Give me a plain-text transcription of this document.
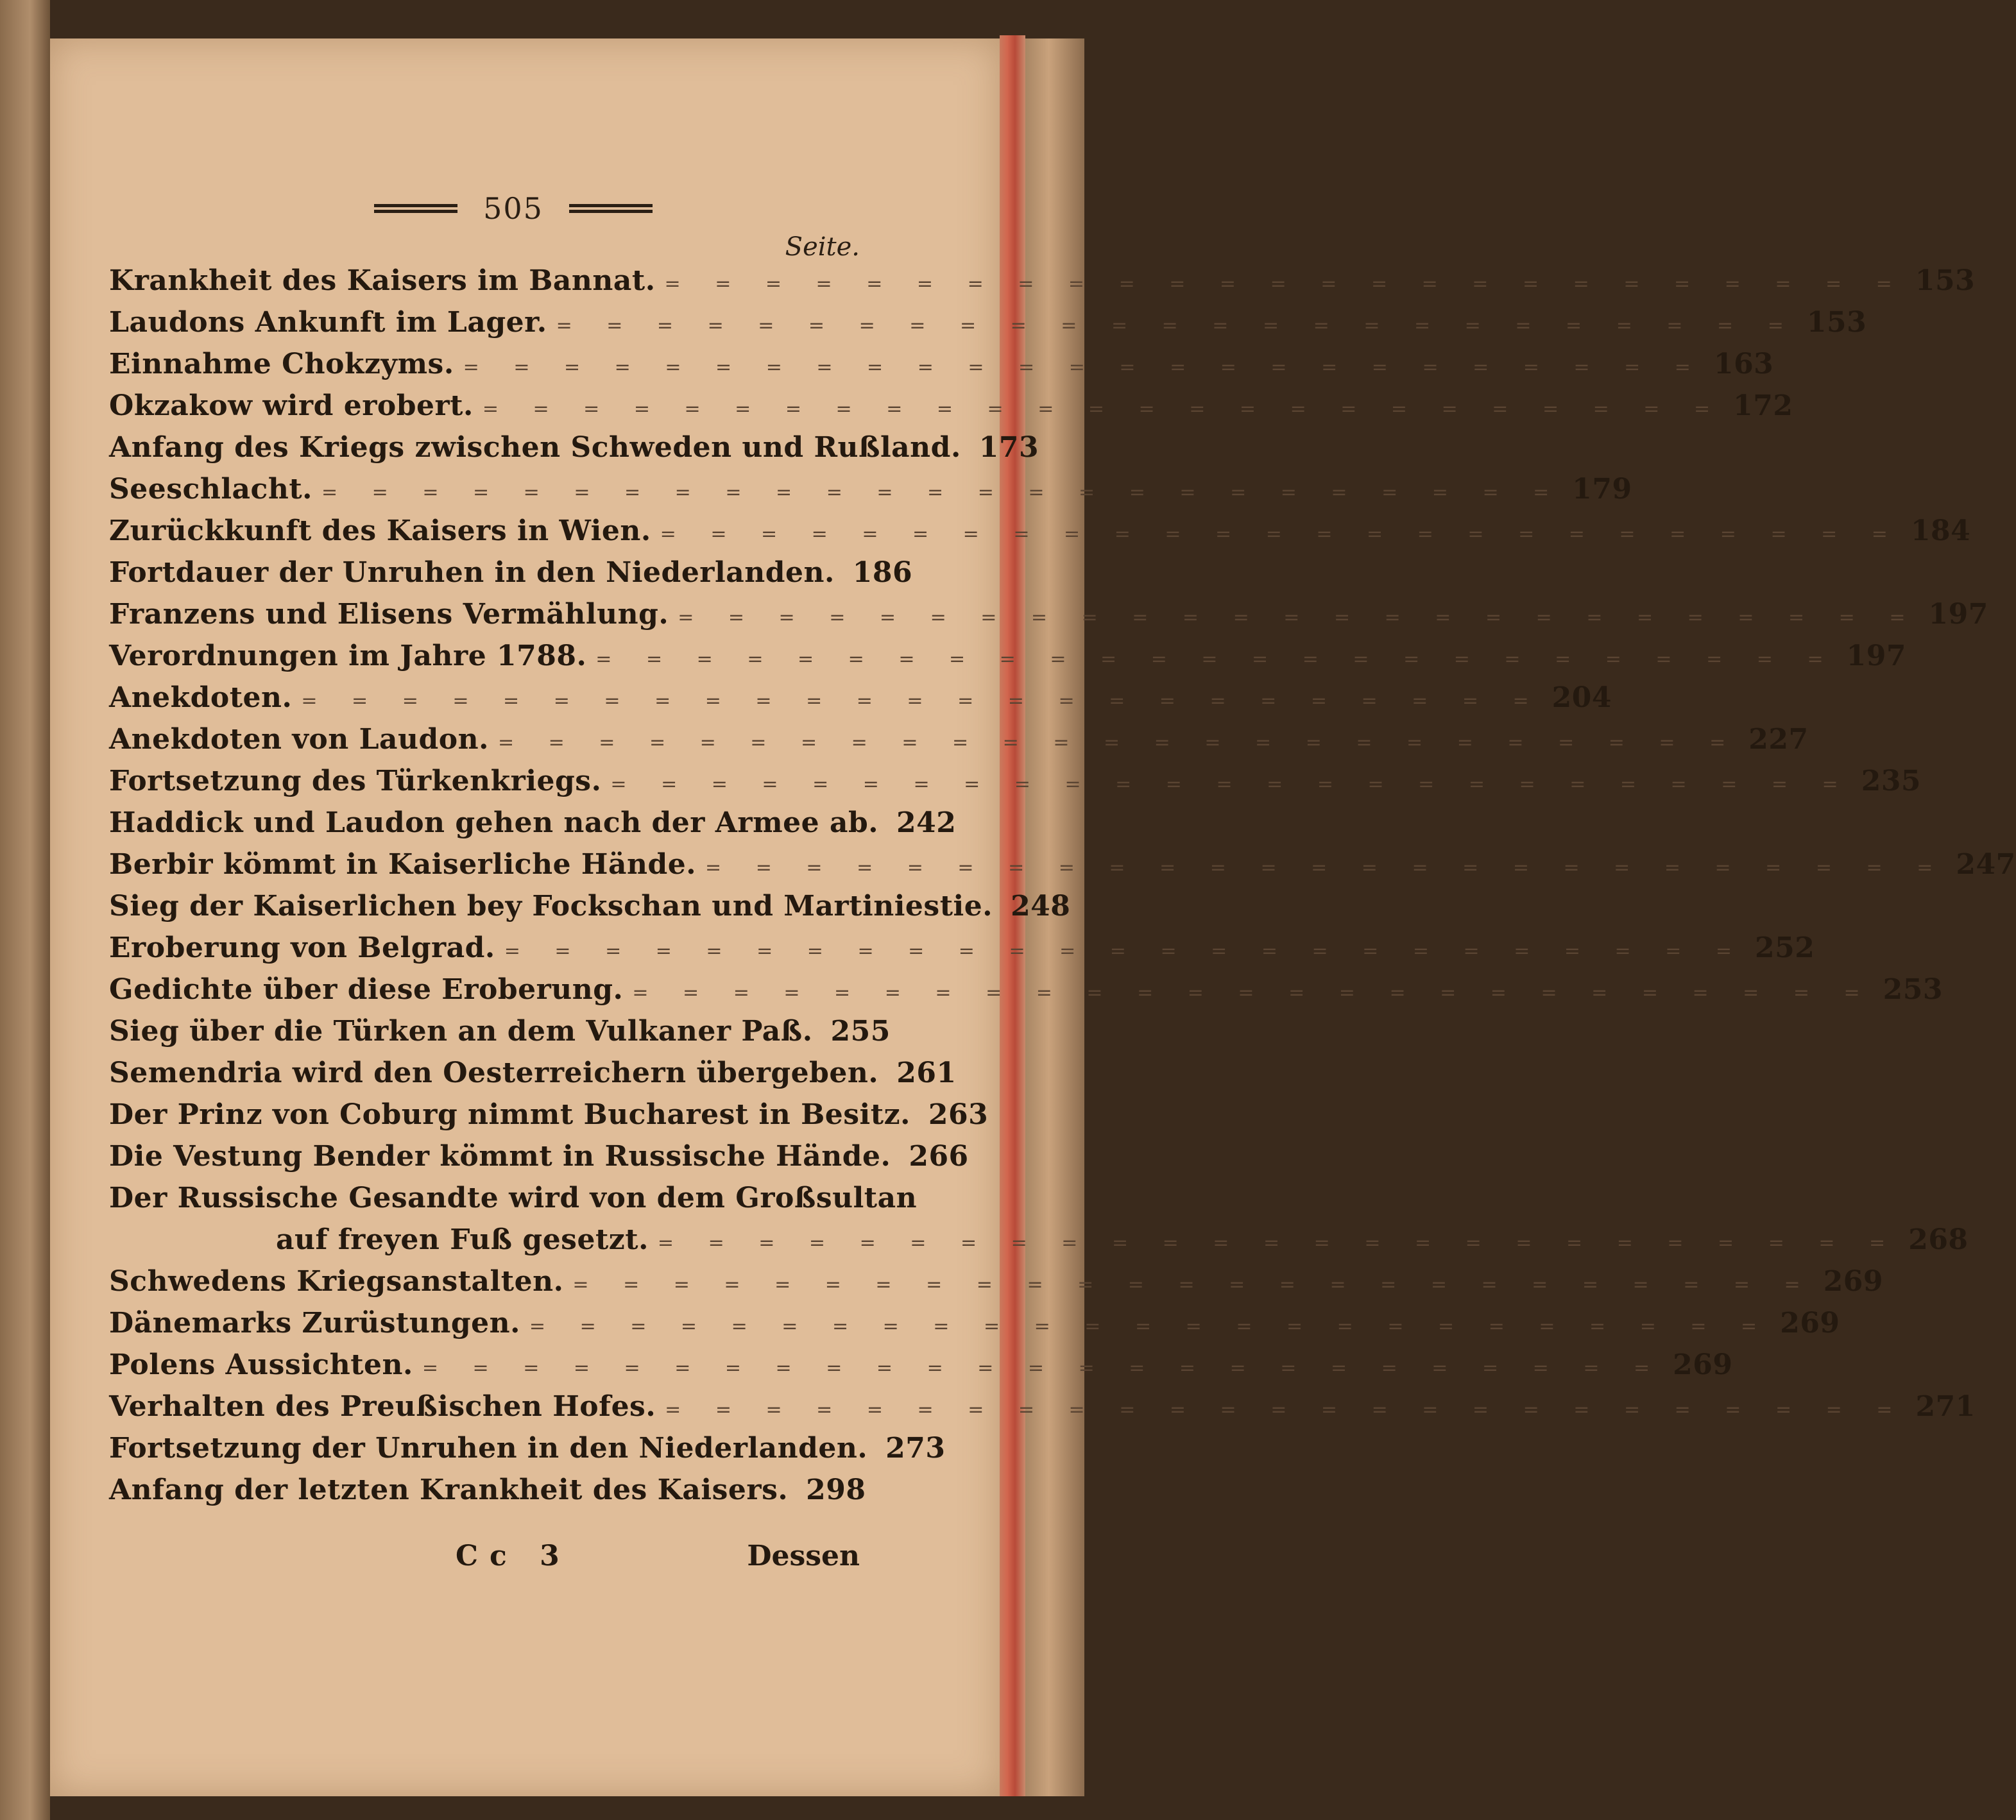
505
Seite.
Krankheit des Kaisers im Bannat. = = = = = = = = = = = = = = = = = = = = = = = = = 153
Laudons Ankunft im Lager. = = = = = = = = = = = = = = = = = = = = = = = = = 153
Einnahme Chokzyms. = = = = = = = = = = = = = = = = = = = = = = = = = 163
Okzakow wird erobert. = = = = = = = = = = = = = = = = = = = = = = = = = 172
Anfang des Kriegs zwischen Schweden und Rußland. 173
Seeschlacht. = = = = = = = = = = = = = = = = = = = = = = = = = 179
Zurückkunft des Kaisers in Wien. = = = = = = = = = = = = = = = = = = = = = = = = = 184
Fortdauer der Unruhen in den Niederlanden. 186
Franzens und Elisens Vermählung. = = = = = = = = = = = = = = = = = = = = = = = = = 197
Verordnungen im Jahre 1788. = = = = = = = = = = = = = = = = = = = = = = = = = 197
Anekdoten. = = = = = = = = = = = = = = = = = = = = = = = = = 204
Anekdoten von Laudon. = = = = = = = = = = = = = = = = = = = = = = = = = 227
Fortsetzung des Türkenkriegs. = = = = = = = = = = = = = = = = = = = = = = = = = 235
Haddick und Laudon gehen nach der Armee ab. 242
Berbir kömmt in Kaiserliche Hände. = = = = = = = = = = = = = = = = = = = = = = = = = 247
Sieg der Kaiserlichen bey Fockschan und Martiniestie. 248
Eroberung von Belgrad. = = = = = = = = = = = = = = = = = = = = = = = = = 252
Gedichte über diese Eroberung. = = = = = = = = = = = = = = = = = = = = = = = = = 253
Sieg über die Türken an dem Vulkaner Paß. 255
Semendria wird den Oesterreichern übergeben. 261
Der Prinz von Coburg nimmt Bucharest in Besitz. 263
Die Vestung Bender kömmt in Russische Hände. 266
Der Russische Gesandte wird von dem Großsultan
auf freyen Fuß gesetzt. = = = = = = = = = = = = = = = = = = = = = = = = = 268
Schwedens Kriegsanstalten. = = = = = = = = = = = = = = = = = = = = = = = = = 269
Dänemarks Zurüstungen. = = = = = = = = = = = = = = = = = = = = = = = = = 269
Polens Aussichten. = = = = = = = = = = = = = = = = = = = = = = = = = 269
Verhalten des Preußischen Hofes. = = = = = = = = = = = = = = = = = = = = = = = = = 271
Fortsetzung der Unruhen in den Niederlanden. 273
Anfang der letzten Krankheit des Kaisers. 298
Cc 3	Dessen
